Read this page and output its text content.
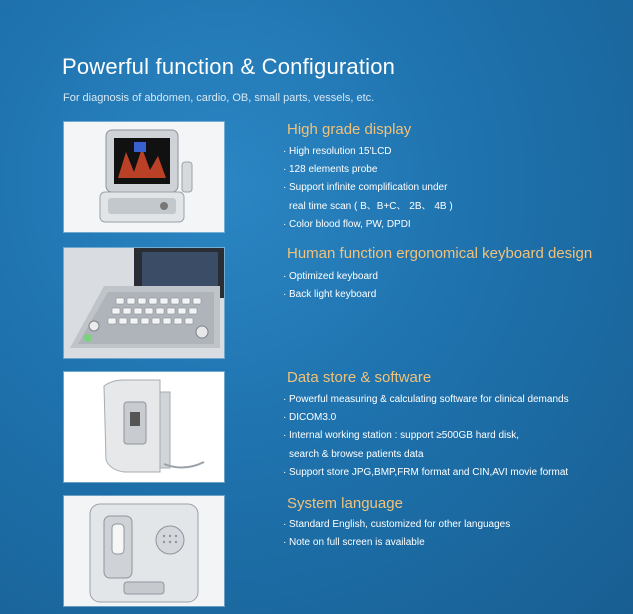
Powerful function & Configuration
For diagnosis of abdomen, cardio, OB, small parts, vessels, etc.
High grade display
· High resolution 15'LCD
· 128 elements probe
· Support infinite complification under
real time scan ( B、B+C、 2B、 4B )
· Color blood flow, PW, DPDI
Human function ergonomical keyboard design
· Optimized keyboard
· Back light keyboard
Data store & software
· Powerful measuring & calculating software for clinical demands
· DICOM3.0
· Internal working station : support ≥500GB hard disk,
search & browse patients data
· Support store JPG,BMP,FRM format and CIN,AVI movie format
System language
· Standard English, customized for other languages
· Note on full screen is available
